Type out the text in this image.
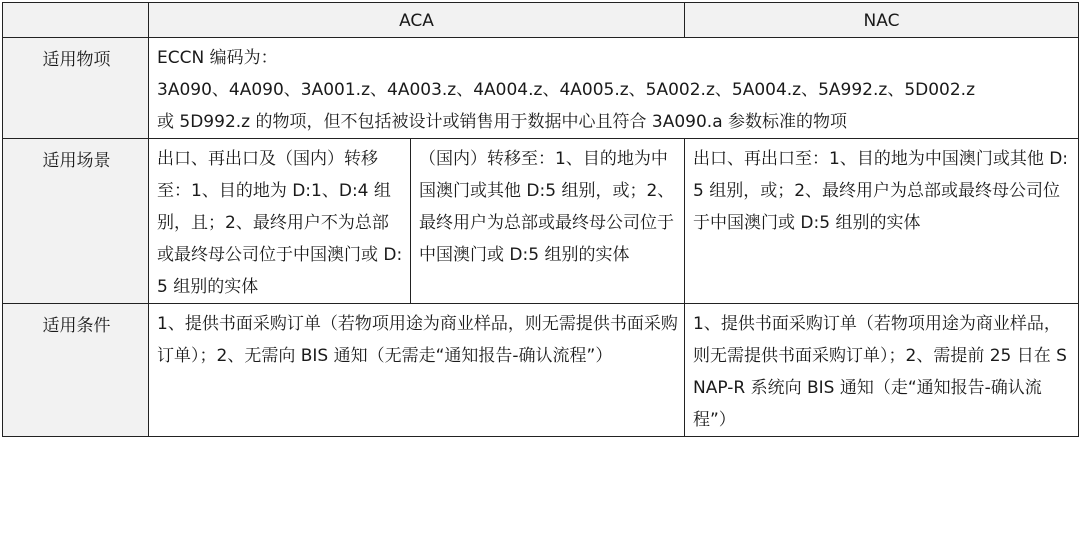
	ACA		NAC
适用物项	ECCN 编码为：
3A090、4A090、3A001.z、4A003.z、4A004.z、4A005.z、5A002.z、5A004.z、5A992.z、5D002.z
或 5D992.z 的物项，但不包括被设计或销售用于数据中心且符合 3A090.a 参数标准的物项		

适用场景	出口、再出口及（国内）转移至：1、目的地为 D:1、D:4 组别，且；2、最终用户不为总部或最终母公司位于中国澳门或 D:5 组别的实体	（国内）转移至：1、目的地为中国澳门或其他 D:5 组别，或；2、最终用户为总部或最终母公司位于中国澳门或 D:5 组别的实体	出口、再出口至：1、目的地为中国澳门或其他 D:5 组别，或；2、最终用户为总部或最终母公司位于中国澳门或 D:5 组别的实体
适用条件	1、提供书面采购订单（若物项用途为商业样品，则无需提供书面采购订单）；2、无需向 BIS 通知（无需走“通知报告-确认流程”）		1、提供书面采购订单（若物项用途为商业样品，则无需提供书面采购订单）；2、需提前 25 日在 SNAP-R 系统向 BIS 通知（走“通知报告-确认流程”）
